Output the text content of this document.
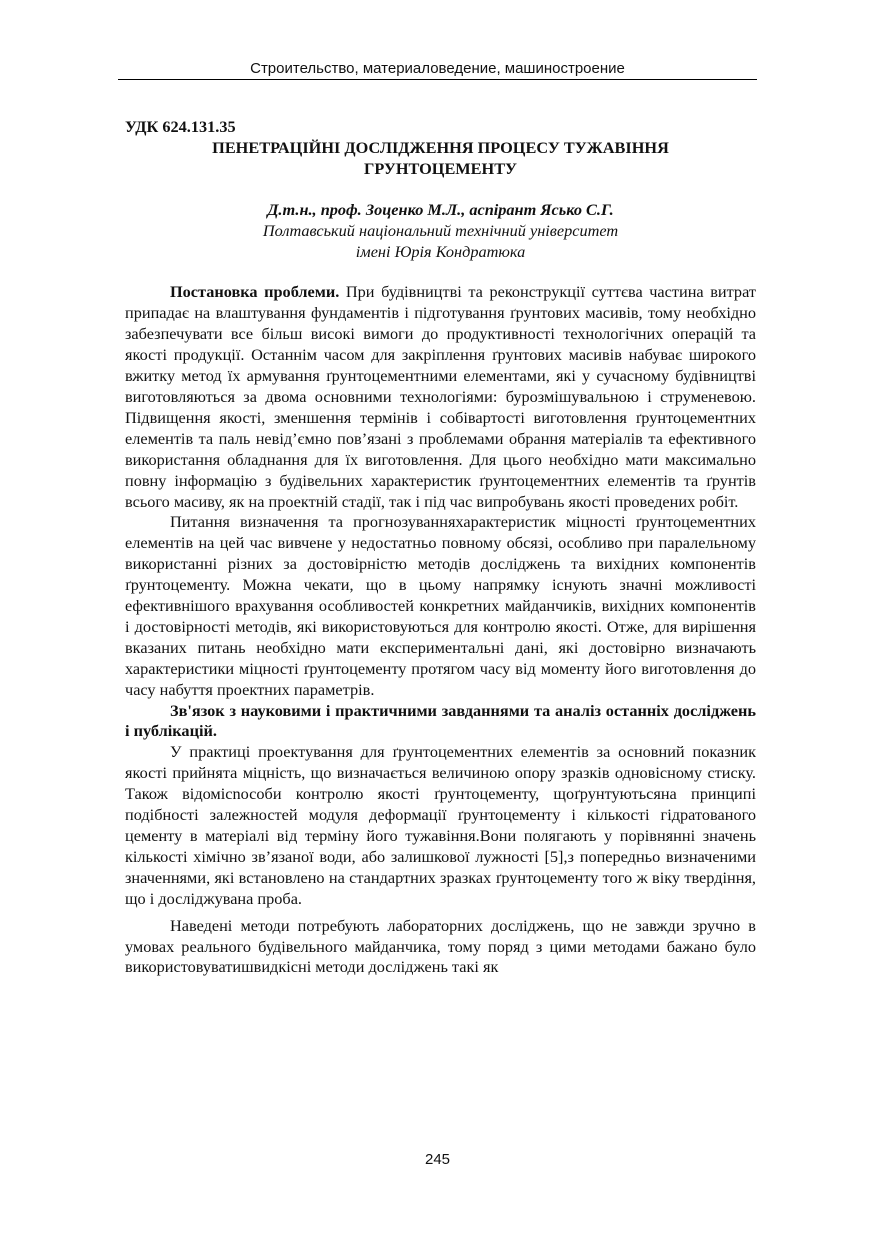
Строительство, материаловедение, машиностроение

УДК 624.131.35

ПЕНЕТРАЦІЙНІ ДОСЛІДЖЕННЯ ПРОЦЕСУ ТУЖАВІННЯ
ГРУНТОЦЕМЕНТУ

Д.т.н., проф. Зоценко М.Л., аспірант Ясько С.Г.

Полтавський національний технічний університет
імені Юрія Кондратюка

Постановка проблеми. При будівництві та реконструкції суттєва частина витрат припадає на влаштування фундаментів і підготування ґрунтових масивів, тому необхідно забезпечувати все більш високі вимоги до продуктивності технологічних операцій та якості продукції. Останнім часом для закріплення ґрунтових масивів набуває широкого вжитку метод їх армування ґрунтоцементними елементами, які у сучасному будівництві виготовляються за двома основними технологіями: бурозмішувальною і струменевою. Підвищення якості, зменшення термінів і собівартості виготовлення ґрунтоцементних елементів та паль невід’ємно пов’язані з проблемами обрання матеріалів та ефективного використання обладнання для їх виготовлення. Для цього необхідно мати максимально повну інформацію з будівельних характеристик ґрунтоцементних елементів та ґрунтів всього масиву, як на проектній стадії, так і під час випробувань якості проведених робіт.

Питання визначення та прогнозуванняхарактеристик міцності ґрунтоцементних елементів на цей час вивчене у недостатньо повному обсязі, особливо при паралельному використанні різних за достовірністю методів досліджень та вихідних компонентів ґрунтоцементу. Можна чекати, що в цьому напрямку існують значні можливості ефективнішого врахування особливостей конкретних майданчиків, вихідних компонентів і достовірності методів, які використовуються для контролю якості. Отже, для вирішення вказаних питань необхідно мати експериментальні дані, які достовірно визначають характеристики міцності ґрунтоцементу протягом часу від моменту його виготовлення до часу набуття проектних параметрів.

Зв'язок з науковими і практичними завданнями та аналіз останніх досліджень і публікацій.

У практиці проектування для ґрунтоцементних елементів за основний показник якості прийнята міцність, що визначається величиною опору зразків одновісному стиску. Також відомісnособи контролю якості ґрунтоцементу, щоґрунтуютьсяна принципі подібності залежностей модуля деформації ґрунтоцементу і кількості гідратованого цементу в матеріалі від терміну його тужавіння.Вони полягають у порівнянні значень кількості хімічно зв’язаної води, або залишкової лужності [5],з попередньо визначеними значеннями, які встановлено на стандартних зразках ґрунтоцементу того ж віку твердіння, що і досліджувана проба.

Наведені методи потребують лабораторних досліджень, що не завжди зручно в умовах реального будівельного майданчика, тому поряд з цими методами бажано було використовуватишвидкісні методи досліджень такі як

245
